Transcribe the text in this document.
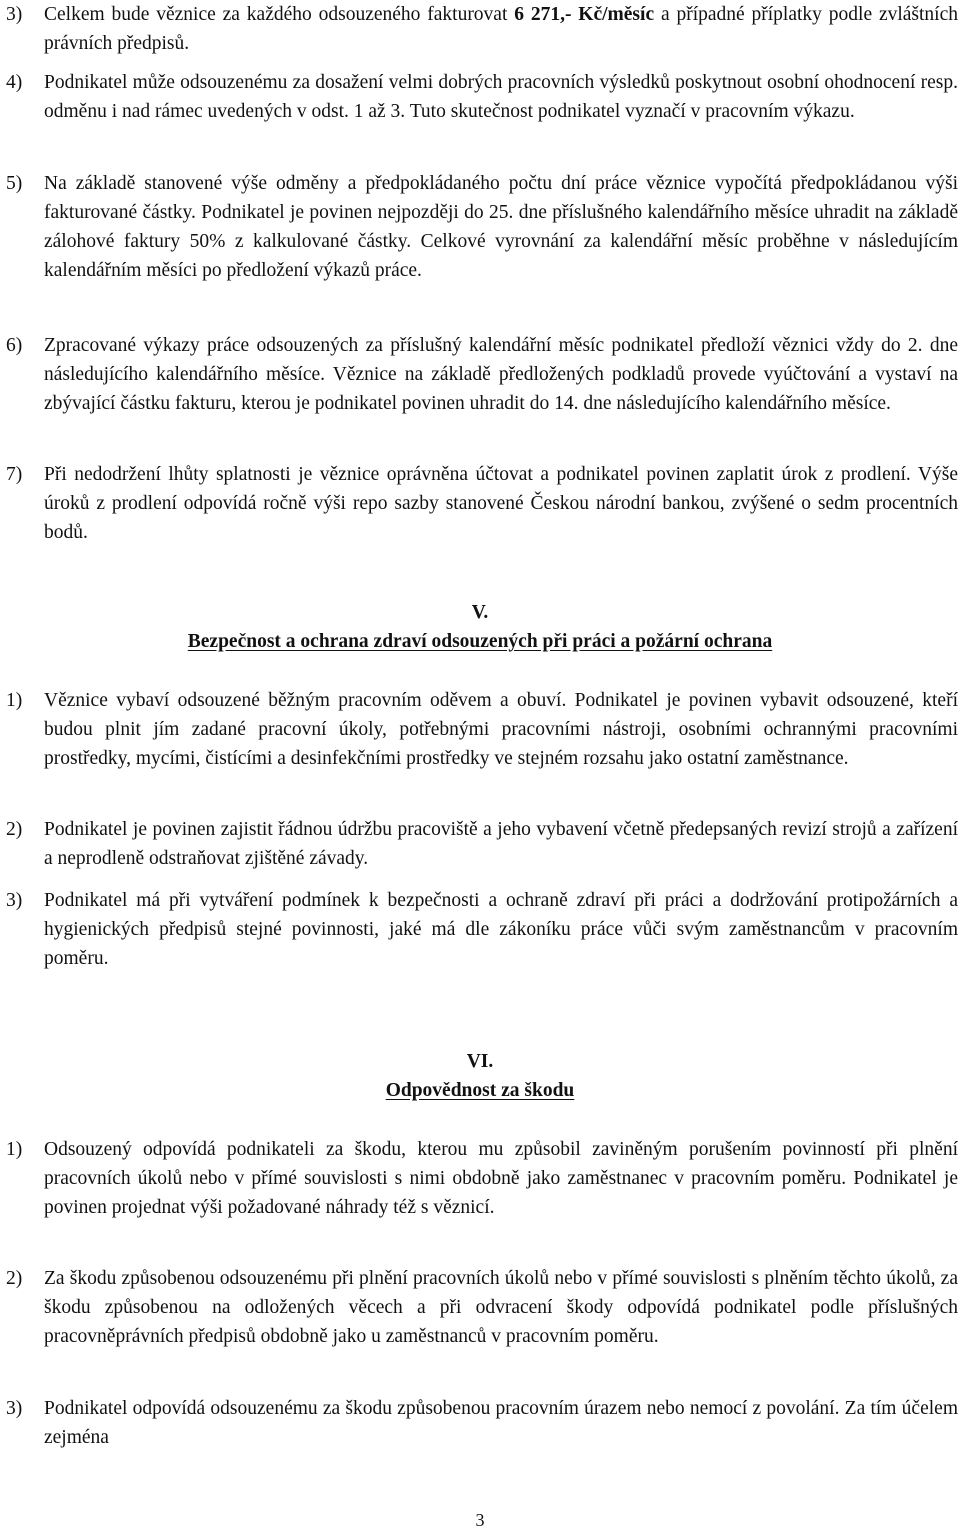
3) Celkem bude věznice za každého odsouzeného fakturovat 6 271,- Kč/měsíc a případné příplatky podle zvláštních právních předpisů.
4) Podnikatel může odsouzenému za dosažení velmi dobrých pracovních výsledků poskytnout osobní ohodnocení resp. odměnu i nad rámec uvedených v odst. 1 až 3. Tuto skutečnost podnikatel vyznačí v pracovním výkazu.
5) Na základě stanovené výše odměny a předpokládaného počtu dní práce věznice vypočítá předpokládanou výši fakturované částky. Podnikatel je povinen nejpozději do 25. dne příslušného kalendářního měsíce uhradit na základě zálohové faktury 50% z kalkulované částky. Celkové vyrovnání za kalendářní měsíc proběhne v následujícím kalendářním měsíci po předložení výkazů práce.
6) Zpracované výkazy práce odsouzených za příslušný kalendářní měsíc podnikatel předloží věznici vždy do 2. dne následujícího kalendářního měsíce. Věznice na základě předložených podkladů provede vyúčtování a vystaví na zbývající částku fakturu, kterou je podnikatel povinen uhradit do 14. dne následujícího kalendářního měsíce.
7) Při nedodržení lhůty splatnosti je věznice oprávněna účtovat a podnikatel povinen zaplatit úrok z prodlení. Výše úroků z prodlení odpovídá ročně výši repo sazby stanovené Českou národní bankou, zvýšené o sedm procentních bodů.
V.
Bezpečnost a ochrana zdraví odsouzených při práci a požární ochrana
1) Věznice vybaví odsouzené běžným pracovním oděvem a obuví. Podnikatel je povinen vybavit odsouzené, kteří budou plnit jím zadané pracovní úkoly, potřebnými pracovními nástroji, osobními ochrannými pracovními prostředky, mycími, čistícími a desinfekčními prostředky ve stejném rozsahu jako ostatní zaměstnance.
2) Podnikatel je povinen zajistit řádnou údržbu pracoviště a jeho vybavení včetně předepsaných revizí strojů a zařízení a neprodleně odstraňovat zjištěné závady.
3) Podnikatel má při vytváření podmínek k bezpečnosti a ochraně zdraví při práci a dodržování protipožárních a hygienických předpisů stejné povinnosti, jaké má dle zákoníku práce vůči svým zaměstnancům v pracovním poměru.
VI.
Odpovědnost za škodu
1) Odsouzený odpovídá podnikateli za škodu, kterou mu způsobil zaviněným porušením povinností při plnění pracovních úkolů nebo v přímé souvislosti s nimi obdobně jako zaměstnanec v pracovním poměru. Podnikatel je povinen projednat výši požadované náhrady též s věznicí.
2) Za škodu způsobenou odsouzenému při plnění pracovních úkolů nebo v přímé souvislosti s plněním těchto úkolů, za škodu způsobenou na odložených věcech a při odvracení škody odpovídá podnikatel podle příslušných pracovněprávních předpisů obdobně jako u zaměstnanců v pracovním poměru.
3) Podnikatel odpovídá odsouzenému za škodu způsobenou pracovním úrazem nebo nemocí z povolání. Za tím účelem zejména
3
